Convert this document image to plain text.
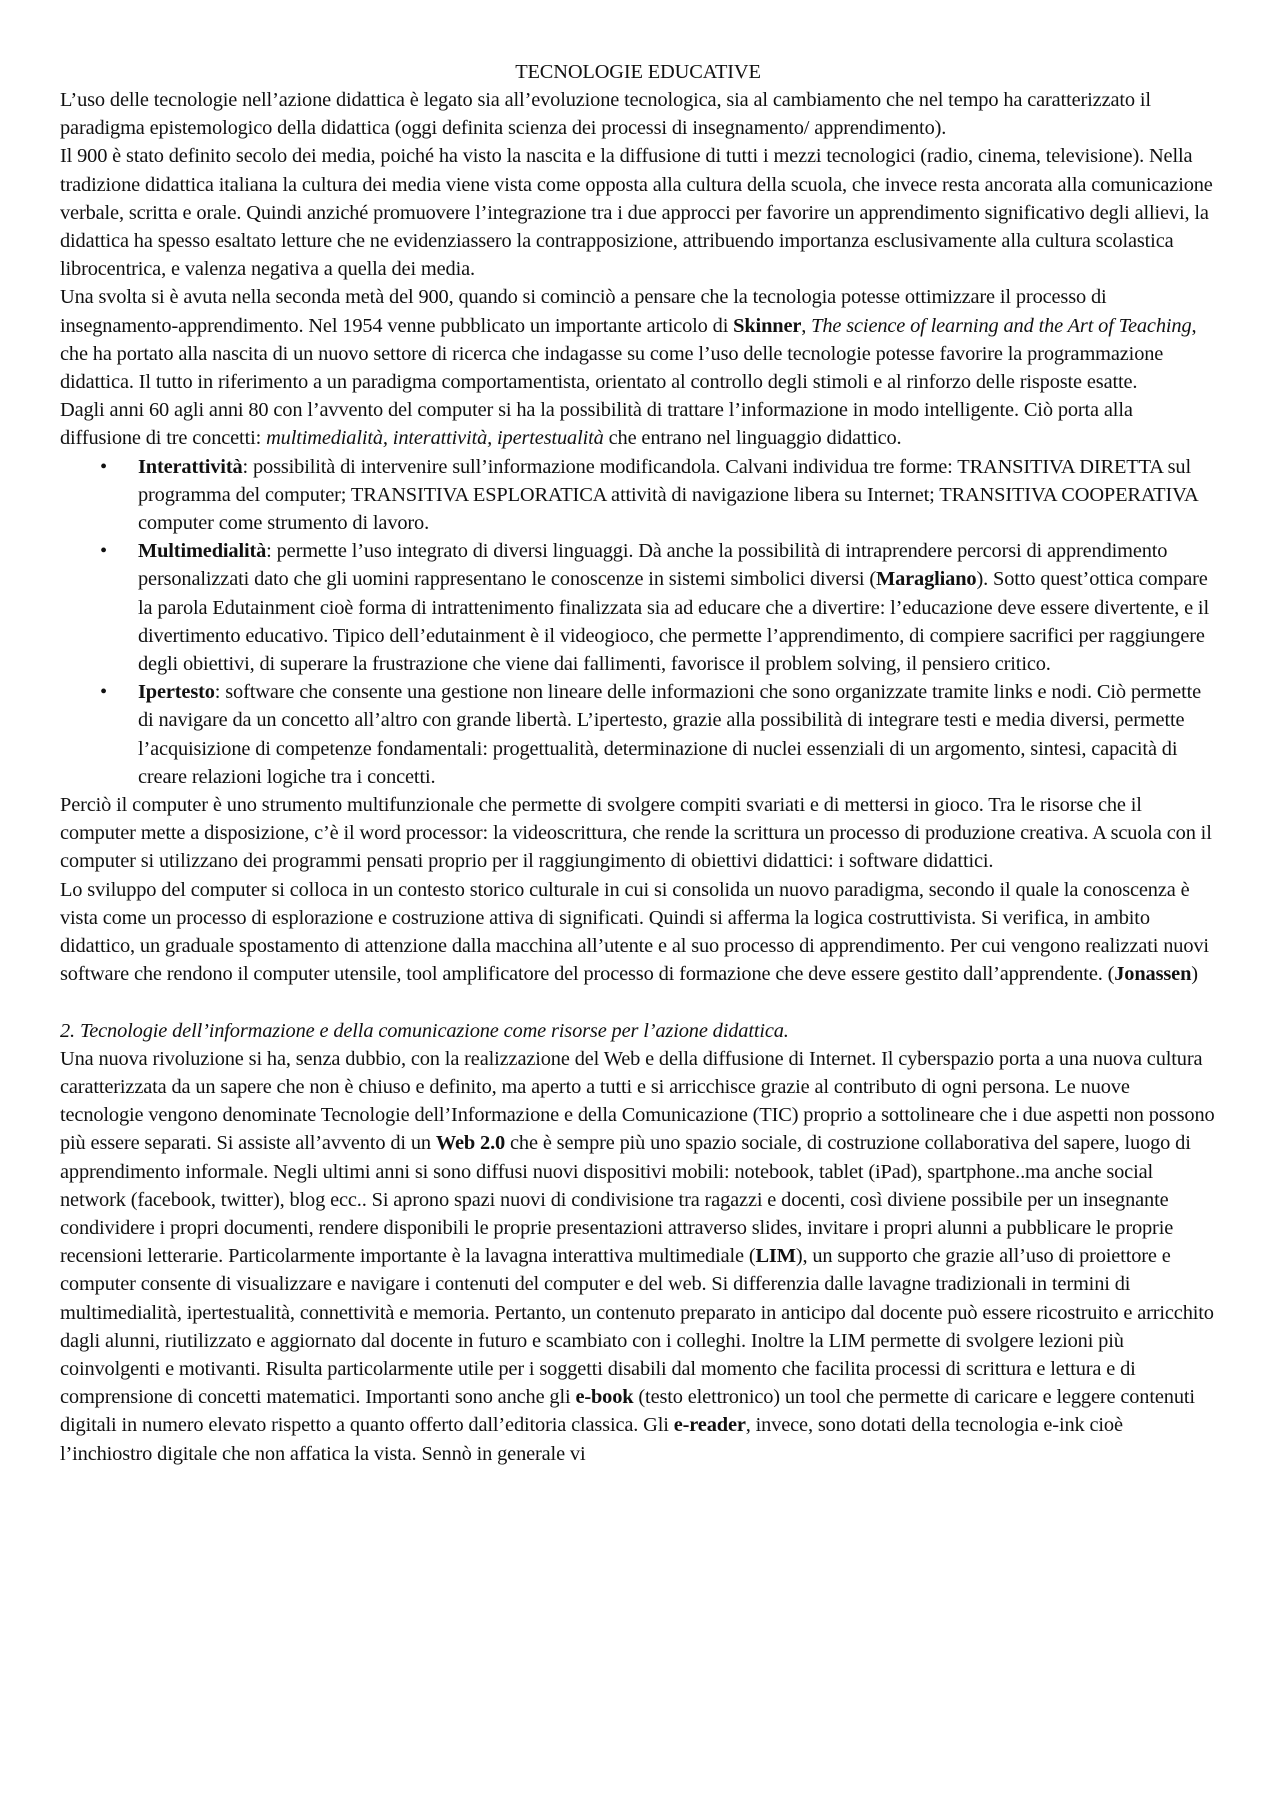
TECNOLOGIE EDUCATIVE

L’uso delle tecnologie nell’azione didattica è legato sia all’evoluzione tecnologica, sia al cambiamento che nel tempo ha caratterizzato il paradigma epistemologico della didattica (oggi definita scienza dei processi di insegnamento/ apprendimento).

Il 900 è stato definito secolo dei media, poiché ha visto la nascita e la diffusione di tutti i mezzi tecnologici (radio, cinema, televisione). Nella tradizione didattica italiana la cultura dei media viene vista come opposta alla cultura della scuola, che invece resta ancorata alla comunicazione verbale, scritta e orale. Quindi anziché promuovere l’integrazione tra i due approcci per favorire un apprendimento significativo degli allievi, la didattica ha spesso esaltato letture che ne evidenziassero la contrapposizione, attribuendo importanza esclusivamente alla cultura scolastica librocentrica, e valenza negativa a quella dei media.

Una svolta si è avuta nella seconda metà del 900, quando si cominciò a pensare che la tecnologia potesse ottimizzare il processo di insegnamento-apprendimento. Nel 1954 venne pubblicato un importante articolo di Skinner, The science of learning and the Art of Teaching, che ha portato alla nascita di un nuovo settore di ricerca che indagasse su come l’uso delle tecnologie potesse favorire la programmazione didattica. Il tutto in riferimento a un paradigma comportamentista, orientato al controllo degli stimoli e al rinforzo delle risposte esatte.

Dagli anni 60 agli anni 80 con l’avvento del computer si ha la possibilità di trattare l’informazione in modo intelligente. Ciò porta alla diffusione di tre concetti: multimedialità, interattività, ipertestualità che entrano nel linguaggio didattico.

• Interattività: possibilità di intervenire sull’informazione modificandola. Calvani individua tre forme: TRANSITIVA DIRETTA sul programma del computer; TRANSITIVA ESPLORATICA attività di navigazione libera su Internet; TRANSITIVA COOPERATIVA computer come strumento di lavoro.
• Multimedialità: permette l’uso integrato di diversi linguaggi. Dà anche la possibilità di intraprendere percorsi di apprendimento personalizzati dato che gli uomini rappresentano le conoscenze in sistemi simbolici diversi (Maragliano). Sotto quest’ottica compare la parola Edutainment cioè forma di intrattenimento finalizzata sia ad educare che a divertire: l’educazione deve essere divertente, e il divertimento educativo. Tipico dell’edutainment è il videogioco, che permette l’apprendimento, di compiere sacrifici per raggiungere degli obiettivi, di superare la frustrazione che viene dai fallimenti, favorisce il problem solving, il pensiero critico.
• Ipertesto: software che consente una gestione non lineare delle informazioni che sono organizzate tramite links e nodi. Ciò permette di navigare da un concetto all’altro con grande libertà. L’ipertesto, grazie alla possibilità di integrare testi e media diversi, permette l’acquisizione di competenze fondamentali: progettualità, determinazione di nuclei essenziali di un argomento, sintesi, capacità di creare relazioni logiche tra i concetti.

Perciò il computer è uno strumento multifunzionale che permette di svolgere compiti svariati e di mettersi in gioco. Tra le risorse che il computer mette a disposizione, c’è il word processor: la videoscrittura, che rende la scrittura un processo di produzione creativa. A scuola con il computer si utilizzano dei programmi pensati proprio per il raggiungimento di obiettivi didattici: i software didattici.

Lo sviluppo del computer si colloca in un contesto storico culturale in cui si consolida un nuovo paradigma, secondo il quale la conoscenza è vista come un processo di esplorazione e costruzione attiva di significati. Quindi si afferma la logica costruttivista. Si verifica, in ambito didattico, un graduale spostamento di attenzione dalla macchina all’utente e al suo processo di apprendimento. Per cui vengono realizzati nuovi software che rendono il computer utensile, tool amplificatore del processo di formazione che deve essere gestito dall’apprendente. (Jonassen)

2. Tecnologie dell’informazione e della comunicazione come risorse per l’azione didattica.

Una nuova rivoluzione si ha, senza dubbio, con la realizzazione del Web e della diffusione di Internet. Il cyberspazio porta a una nuova cultura caratterizzata da un sapere che non è chiuso e definito, ma aperto a tutti e si arricchisce grazie al contributo di ogni persona. Le nuove tecnologie vengono denominate Tecnologie dell’Informazione e della Comunicazione (TIC) proprio a sottolineare che i due aspetti non possono più essere separati. Si assiste all’avvento di un Web 2.0 che è sempre più uno spazio sociale, di costruzione collaborativa del sapere, luogo di apprendimento informale. Negli ultimi anni si sono diffusi nuovi dispositivi mobili: notebook, tablet (iPad), spartphone..ma anche social network (facebook, twitter), blog ecc.. Si aprono spazi nuovi di condivisione tra ragazzi e docenti, così diviene possibile per un insegnante condividere i propri documenti, rendere disponibili le proprie presentazioni attraverso slides, invitare i propri alunni a pubblicare le proprie recensioni letterarie. Particolarmente importante è la lavagna interattiva multimediale (LIM), un supporto che grazie all’uso di proiettore e computer consente di visualizzare e navigare i contenuti del computer e del web. Si differenzia dalle lavagne tradizionali in termini di multimedialità, ipertestualità, connettività e memoria. Pertanto, un contenuto preparato in anticipo dal docente può essere ricostruito e arricchito dagli alunni, riutilizzato e aggiornato dal docente in futuro e scambiato con i colleghi. Inoltre la LIM permette di svolgere lezioni più coinvolgenti e motivanti. Risulta particolarmente utile per i soggetti disabili dal momento che facilita processi di scrittura e lettura e di comprensione di concetti matematici. Importanti sono anche gli e-book (testo elettronico) un tool che permette di caricare e leggere contenuti digitali in numero elevato rispetto a quanto offerto dall’editoria classica. Gli e-reader, invece, sono dotati della tecnologia e-ink cioè l’inchiostro digitale che non affatica la vista. Sennò in generale vi
